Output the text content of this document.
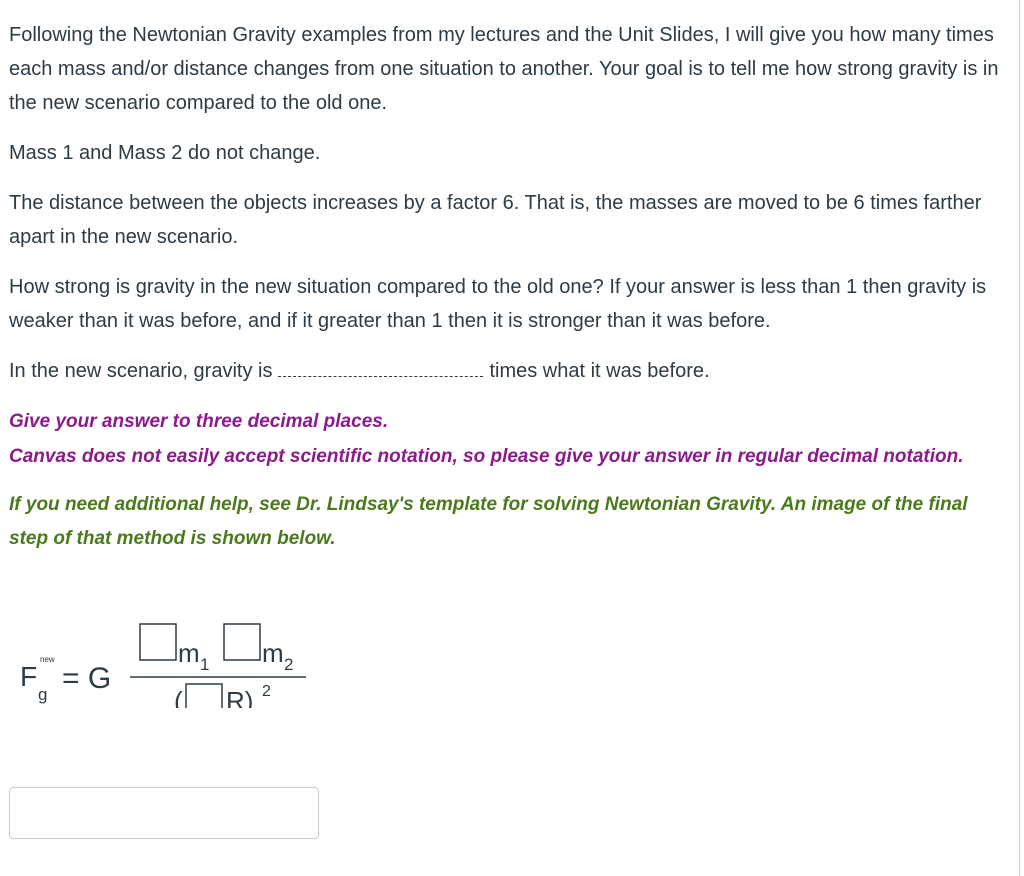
Following the Newtonian Gravity examples from my lectures and the Unit Slides, I will give you how many times each mass and/or distance changes from one situation to another. Your goal is to tell me how strong gravity is in the new scenario compared to the old one.

Mass 1 and Mass 2 do not change.

The distance between the objects increases by a factor 6. That is, the masses are moved to be 6 times farther apart in the new scenario.

How strong is gravity in the new situation compared to the old one? If your answer is less than 1 then gravity is weaker than it was before, and if it greater than 1 then it is stronger than it was before.

In the new scenario, gravity is	times what it was before.

Give your answer to three decimal places.
Canvas does not easily accept scientific notation, so please give your answer in regular decimal notation.

If you need additional help, see Dr. Lindsay's template for solving Newtonian Gravity. An image of the final step of that method is shown below.

F
new
g = G
m 1 m 2
( R) 2
